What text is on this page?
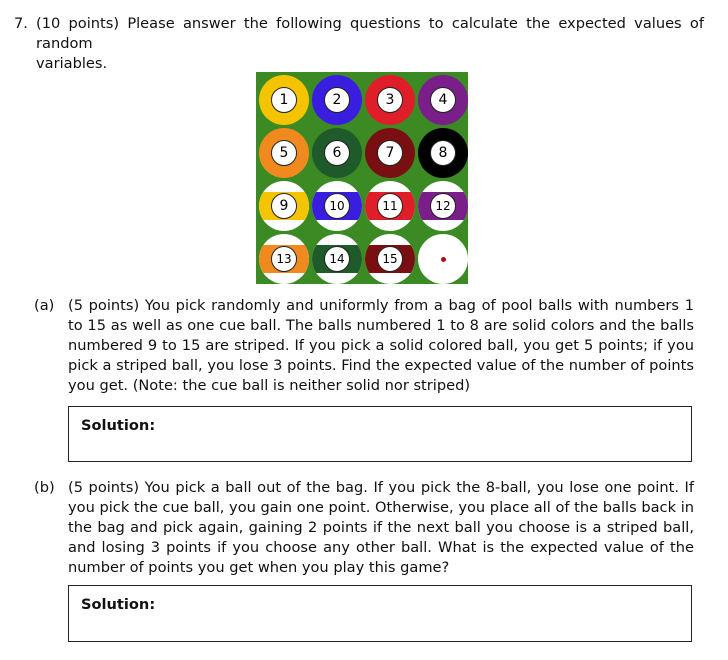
7. (10 points) Please answer the following questions to calculate the expected values of random
variables.
1	2	3	4
5	6	7	8
9	10	11	12
13	14	15
(a) (5 points) You pick randomly and uniformly from a bag of pool balls with numbers 1 to 15 as well as one cue ball. The balls numbered 1 to 8 are solid colors and the balls numbered 9 to 15 are striped. If you pick a solid colored ball, you get 5 points; if you pick a striped ball, you lose 3 points. Find the expected value of the number of points you get. (Note: the cue ball is neither solid nor striped)
Solution:
(b) (5 points) You pick a ball out of the bag. If you pick the 8-ball, you lose one point. If you pick the cue ball, you gain one point. Otherwise, you place all of the balls back in the bag and pick again, gaining 2 points if the next ball you choose is a striped ball, and losing 3 points if you choose any other ball. What is the expected value of the number of points you get when you play this game?
Solution:
